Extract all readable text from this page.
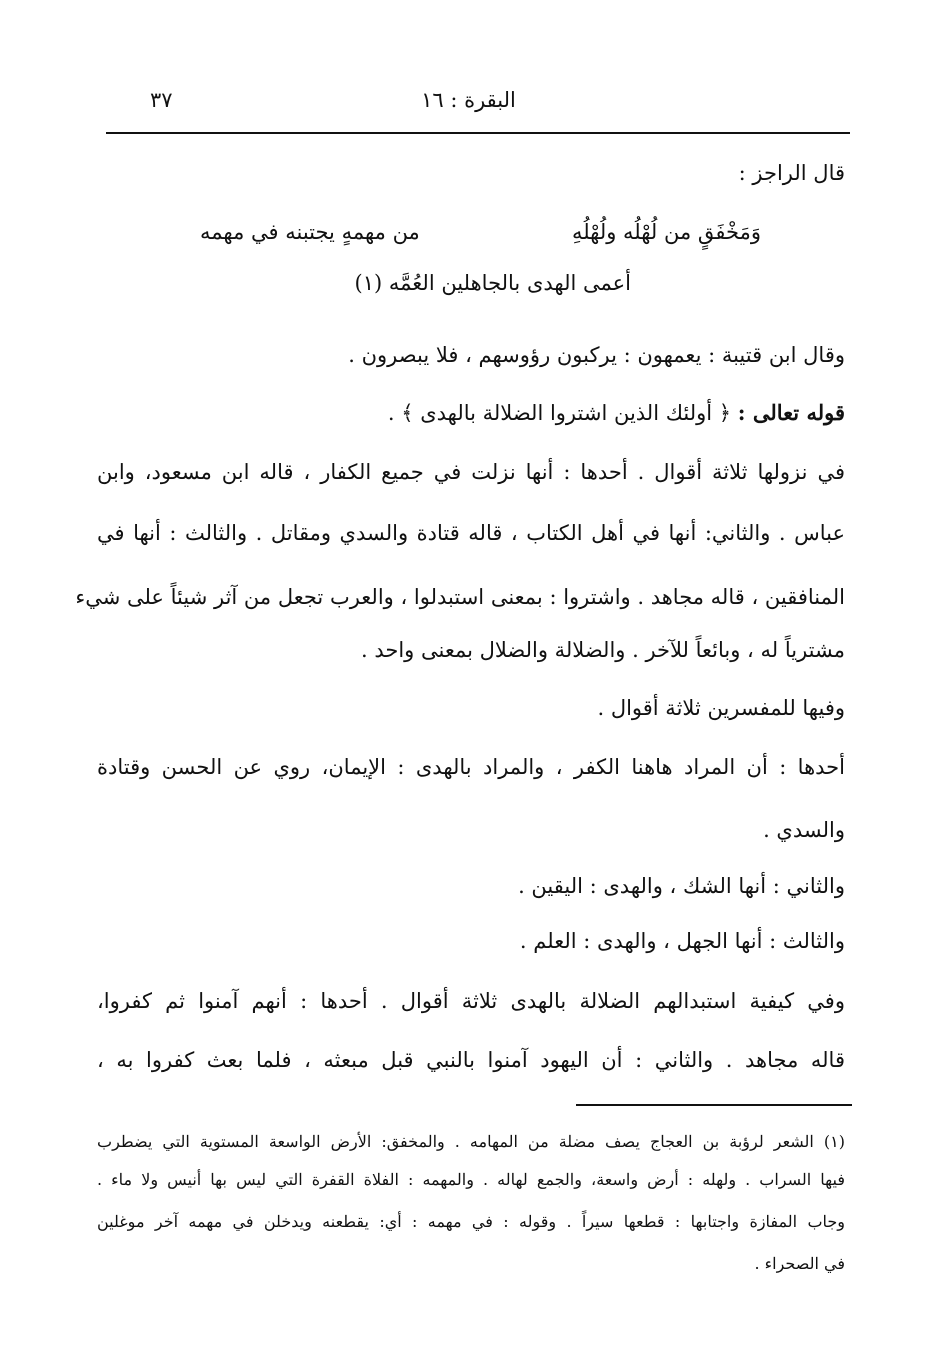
٣٧	البقرة : ١٦
قال الراجز :
وَمَخْفَقٍ من لُهْلُه ولُهْلُهِ
من مهمهٍ يجتبنه في مهمه
أعمى الهدى بالجاهلين العُمَّه (١)
وقال ابن قتيبة : يعمهون : يركبون رؤوسهم ، فلا يبصرون .
قوله تعالى : ﴿ أولئك الذين اشتروا الضلالة بالهدى ﴾ .
في نزولها ثلاثة أقوال . أحدها : أنها نزلت في جميع الكفار ، قاله ابن مسعود، وابن
عباس . والثاني: أنها في أهل الكتاب ، قاله قتادة والسدي ومقاتل . والثالث : أنها في
المنافقين ، قاله مجاهد . واشتروا : بمعنى استبدلوا ، والعرب تجعل من آثر شيئاً على شيء
مشترياً له ، وبائعاً للآخر . والضلالة والضلال بمعنى واحد .
وفيها للمفسرين ثلاثة أقوال .
أحدها : أن المراد هاهنا الكفر ، والمراد بالهدى : الإيمان، روي عن الحسن وقتادة
والسدي .
والثاني : أنها الشك ، والهدى : اليقين .
والثالث : أنها الجهل ، والهدى : العلم .
وفي كيفية استبدالهم الضلالة بالهدى ثلاثة أقوال . أحدها : أنهم آمنوا ثم كفروا،
قاله مجاهد . والثاني : أن اليهود آمنوا بالنبي قبل مبعثه ، فلما بعث كفروا به ،
(١) الشعر لرؤبة بن العجاج يصف مضلة من المهامه . والمخفق: الأرض الواسعة المستوية التي يضطرب
فيها السراب . ولهله : أرض واسعة، والجمع لهاله . والمهمه : الفلاة القفرة التي ليس بها أنيس ولا ماء .
وجاب المفازة واجتابها : قطعها سيراً . وقوله : في مهمه : أي: يقطعنه ويدخلن في مهمه آخر موغلين
في الصحراء .
